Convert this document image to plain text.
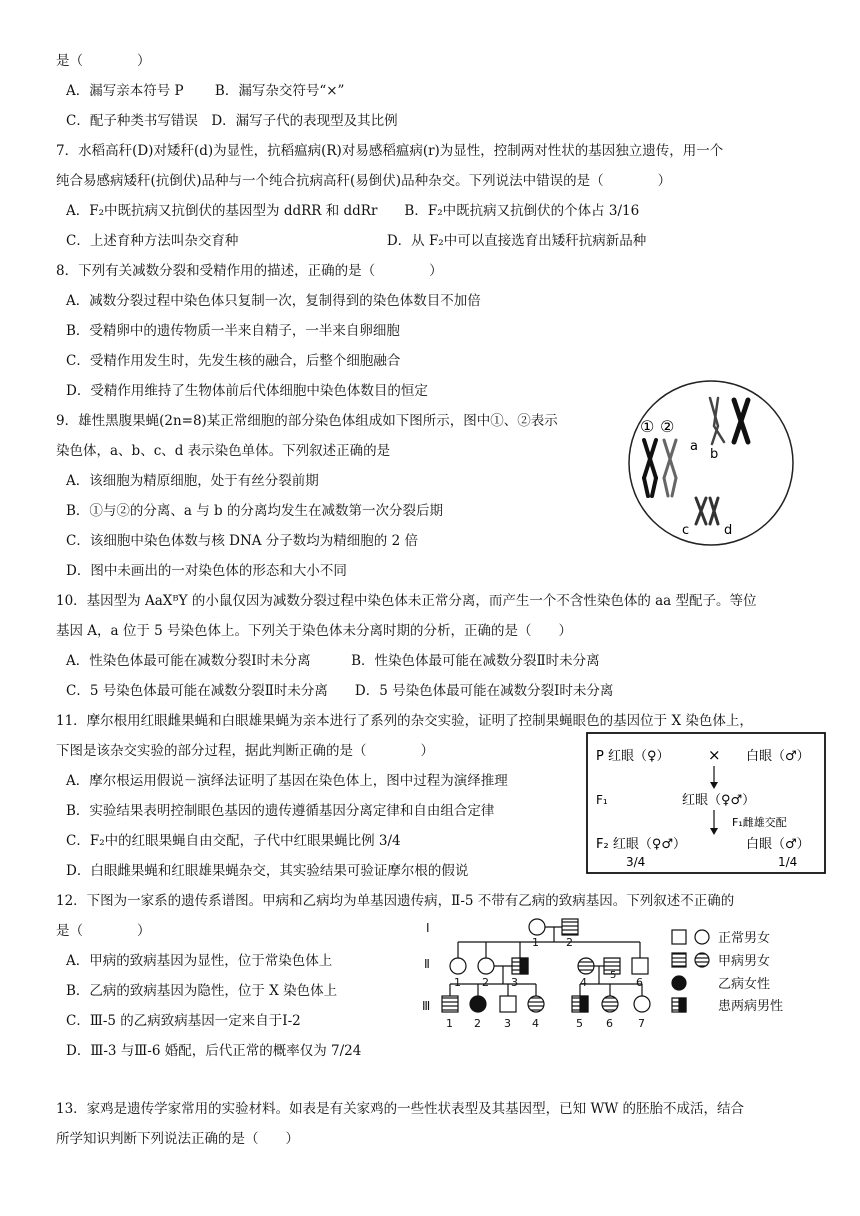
是（　　　　）
A．漏写亲本符号 P　　 B．漏写杂交符号“×”
C．配子种类书写错误　D．漏写子代的表现型及其比例
7．水稻高秆(D)对矮秆(d)为显性，抗稻瘟病(R)对易感稻瘟病(r)为显性，控制两对性状的基因独立遗传，用一个
纯合易感病矮秆(抗倒伏)品种与一个纯合抗病高秆(易倒伏)品种杂交。下列说法中错误的是（　　　　）
A．F₂中既抗病又抗倒伏的基因型为 ddRR 和 ddRr　　B．F₂中既抗病又抗倒伏的个体占 3/16
C．上述育种方法叫杂交育种　　　　　　　　　　　D．从 F₂中可以直接选育出矮秆抗病新品种
8．下列有关减数分裂和受精作用的描述，正确的是（　　　　）
A．减数分裂过程中染色体只复制一次，复制得到的染色体数目不加倍
B．受精卵中的遗传物质一半来自精子，一半来自卵细胞
C．受精作用发生时，先发生核的融合，后整个细胞融合
D．受精作用维持了生物体前后代体细胞中染色体数目的恒定
9．雄性黑腹果蝇(2n=8)某正常细胞的部分染色体组成如下图所示，图中①、②表示
染色体，a、b、c、d 表示染色单体。下列叙述正确的是
A．该细胞为精原细胞，处于有丝分裂前期
B．①与②的分离、a 与 b 的分离均发生在减数第一次分裂后期
C．该细胞中染色体数与核 DNA 分子数均为精细胞的 2 倍
D．图中未画出的一对染色体的形态和大小不同
10．基因型为 AaXᴮY 的小鼠仅因为减数分裂过程中染色体未正常分离，而产生一个不含性染色体的 aa 型配子。等位
基因 A，a 位于 5 号染色体上。下列关于染色体未分离时期的分析，正确的是（　　）
A．性染色体最可能在减数分裂Ⅰ时未分离　　　B．性染色体最可能在减数分裂Ⅱ时未分离
C．5 号染色体最可能在减数分裂Ⅱ时未分离　　D．5 号染色体最可能在减数分裂Ⅰ时未分离
11．摩尔根用红眼雌果蝇和白眼雄果蝇为亲本进行了系列的杂交实验，证明了控制果蝇眼色的基因位于 X 染色体上，
下图是该杂交实验的部分过程，据此判断正确的是（　　　　）
A．摩尔根运用假说－演绎法证明了基因在染色体上，图中过程为演绎推理
B．实验结果表明控制眼色基因的遗传遵循基因分离定律和自由组合定律
C．F₂中的红眼果蝇自由交配，子代中红眼果蝇比例 3/4
D．白眼雌果蝇和红眼雄果蝇杂交，其实验结果可验证摩尔根的假说
12．下图为一家系的遗传系谱图。甲病和乙病均为单基因遗传病，Ⅱ-5 不带有乙病的致病基因。下列叙述不正确的
是（　　　　）
A．甲病的致病基因为显性，位于常染色体上
B．乙病的致病基因为隐性，位于 X 染色体上
C．Ⅲ-5 的乙病致病基因一定来自于Ⅰ-2
D．Ⅲ-3 与Ⅲ-6 婚配，后代正常的概率仅为 7/24
13．家鸡是遗传学家常用的实验材料。如表是有关家鸡的一些性状表型及其基因型，已知 WW 的胚胎不成活，结合
所学知识判断下列说法正确的是（　　）
① ②
a
b
c	d
P 红眼（♀）	× 白眼（♂）
F₁	红眼（♀♂）
F₁雌雄交配
F₂ 红眼（♀♂）	白眼（♂）
3/4	1/4
Ⅰ
Ⅱ
Ⅲ
1 2
1 2 3	4
5
6
1 2 3 4	5 6 7
正常男女
甲病男女
乙病女性
患两病男性
